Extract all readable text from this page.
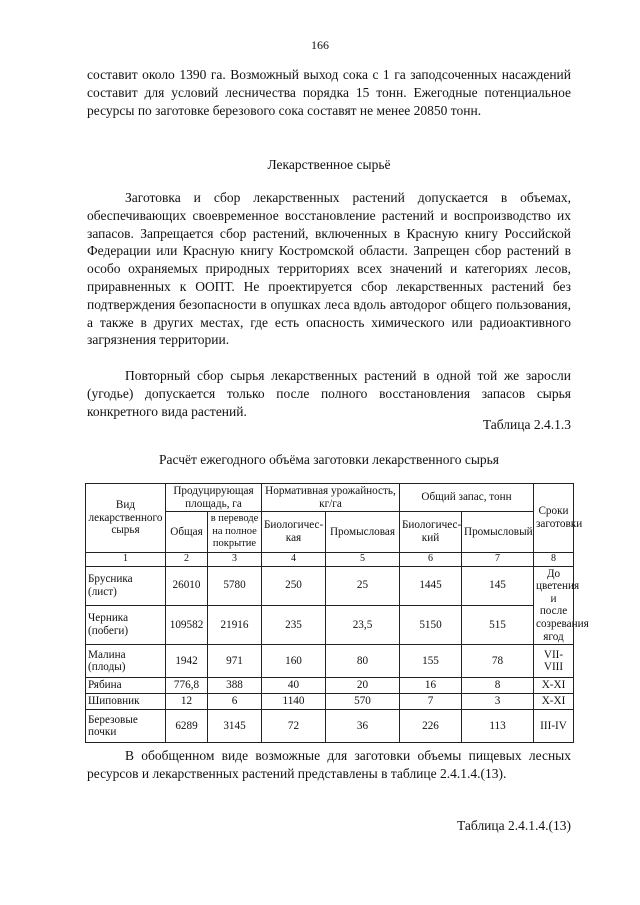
166
составит около 1390 га. Возможный выход сока с 1 га заподсоченных насаждений составит для условий лесничества порядка 15 тонн. Ежегодные потенциальное ресурсы по заготовке березового сока составят не менее 20850 тонн.
Лекарственное сырьё
Заготовка и сбор лекарственных растений допускается в объемах, обеспечивающих своевременное восстановление растений и воспроизводство их запасов. Запрещается сбор растений, включенных в Красную книгу Российской Федерации или Красную книгу Костромской области. Запрещен сбор растений в особо охраняемых природных территориях всех значений и категориях лесов, приравненных к ООПТ. Не проектируется сбор лекарственных растений без подтверждения безопасности в опушках леса вдоль автодорог общего пользования, а также в других местах, где есть опасность химического или радиоактивного загрязнения территории.
Повторный сбор сырья лекарственных растений в одной той же заросли (угодье) допускается только после полного восстановления запасов сырья конкретного вида растений.
Таблица 2.4.1.3
Расчёт ежегодного объёма заготовки лекарственного сырья
Вид лекарственного сырья	Продуцирующая площадь, га		Нормативная урожайность, кг/га		Общий запас, тонн		Сроки заготовки
	Общая	в переводе на полное покрытие	Биологичес-кая	Промысловая	Биологичес-кий	Промысловый	
1	2	3	4	5	6	7	8
Брусника (лист)	26010	5780	250	25	1445	145	До цветения и после созревания ягод
Черника (побеги)	109582	21916	235	23,5	5150	515	
Малина (плоды)	1942	971	160	80	155	78	VII-VIII
Рябина	776,8	388	40	20	16	8	X-XI
Шиповник	12	6	1140	570	7	3	X-XI
Березовые почки	6289	3145	72	36	226	113	III-IV
В обобщенном виде возможные для заготовки объемы пищевых лесных ресурсов и лекарственных растений представлены в таблице 2.4.1.4.(13).
Таблица 2.4.1.4.(13)
